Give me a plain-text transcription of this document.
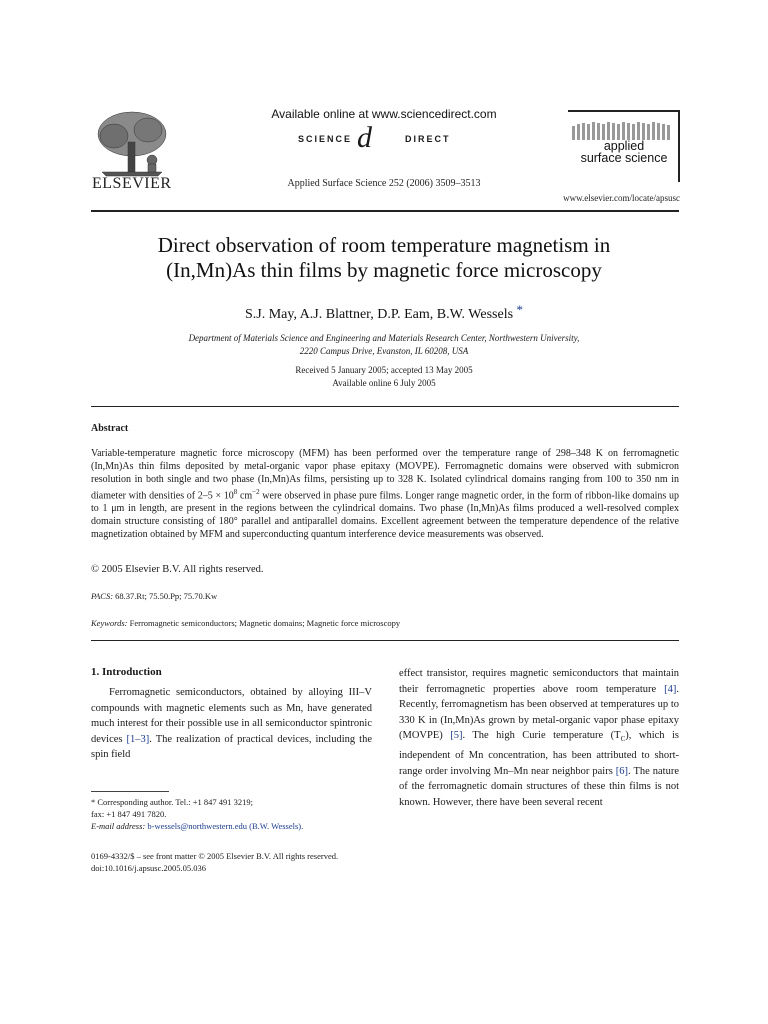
ELSEVIER
Available online at www.sciencedirect.com
SCIENCE d	DIRECT
Applied Surface Science 252 (2006) 3509–3513
applied
surface science
www.elsevier.com/locate/apsusc
Direct observation of room temperature magnetism in
(In,Mn)As thin films by magnetic force microscopy
S.J. May, A.J. Blattner, D.P. Eam, B.W. Wessels *
Department of Materials Science and Engineering and Materials Research Center, Northwestern University,
2220 Campus Drive, Evanston, IL 60208, USA
Received 5 January 2005; accepted 13 May 2005
Available online 6 July 2005
Abstract

Variable-temperature magnetic force microscopy (MFM) has been performed over the temperature range of 298–348 K on ferromagnetic (In,Mn)As thin films deposited by metal-organic vapor phase epitaxy (MOVPE). Ferromagnetic domains were observed with submicron resolution in both single and two phase (In,Mn)As films, persisting up to 328 K. Isolated cylindrical domains ranging from 100 to 350 nm in diameter with densities of $2-5 \times 10^8$ $cm^{-2}$ were observed in phase pure films. Longer range magnetic order, in the form of ribbon-like domains up to 1 μm in length, are present in the regions between the cylindrical domains. Two phase (In,Mn)As films produced a well-resolved complex domain structure consisting of 180° parallel and antiparallel domains. Excellent agreement between the temperature dependence of the relative magnetization obtained by MFM and superconducting quantum interference device measurements was observed.

© 2005 Elsevier B.V. All rights reserved.
PACS: 68.37.Rt; 75.50.Pp; 75.70.Kw
Keywords: Ferromagnetic semiconductors; Magnetic domains; Magnetic force microscopy
1. Introduction

Ferromagnetic semiconductors, obtained by alloying III–V compounds with magnetic elements such as Mn, have generated much interest for their possible use in all semiconductor spintronic devices [1–3]. The realization of practical devices, including the spin field

effect transistor, requires magnetic semiconductors that maintain their ferromagnetic properties above room temperature [4]. Recently, ferromagnetism has been observed at temperatures up to 330 K in (In,Mn)As grown by metal-organic vapor phase epitaxy (MOVPE) [5]. The high Curie temperature $(T_C)$, which is independent of Mn concentration, has been attributed to short-range order involving Mn–Mn near neighbor pairs [6]. The nature of the ferromagnetic domain structures of these thin films is not known. However, there have been several recent

* Corresponding author. Tel.: +1 847 491 3219;
fax: +1 847 491 7820.
E-mail address: b-wessels@northwestern.edu (B.W. Wessels).
0169-4332/$ – see front matter © 2005 Elsevier B.V. All rights reserved.
doi:10.1016/j.apsusc.2005.05.036
